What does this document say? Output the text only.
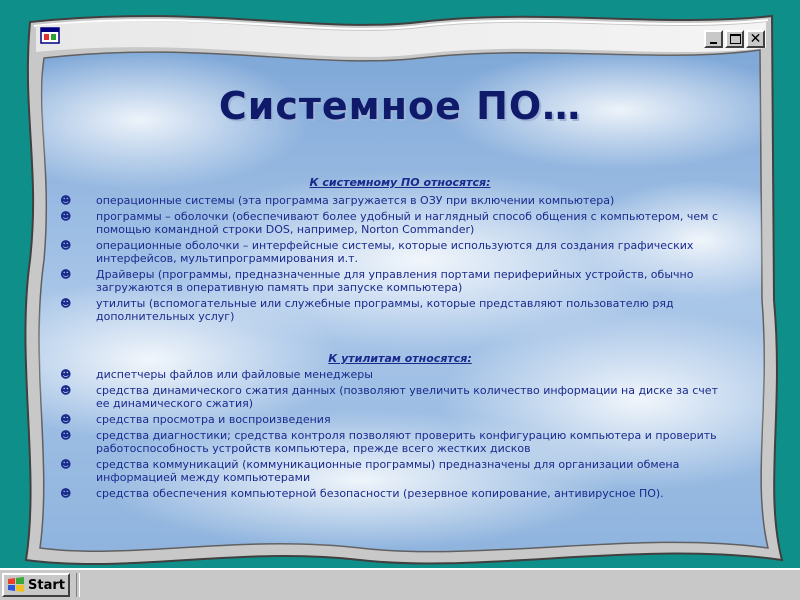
✕
Системное ПО…
К системному ПО относятся:
☻ операционные системы (эта программа загружается в ОЗУ при включении компьютера)
☻ программы – оболочки (обеспечивают более удобный и наглядный способ общения с компьютером, чем с помощью командной строки DOS, например, Norton Commander)
☻ операционные оболочки – интерфейсные системы, которые используются для создания графических интерфейсов, мультипрограммирования и.т.
☻ Драйверы (программы, предназначенные для управления портами периферийных устройств, обычно загружаются в оперативную память при запуске компьютера)
☻ утилиты (вспомогательные или служебные программы, которые представляют пользователю ряд дополнительных услуг)
К утилитам относятся:
☻ диспетчеры файлов или файловые менеджеры
☻ средства динамического сжатия данных (позволяют увеличить количество информации на диске за счет ее динамического сжатия)
☻ средства просмотра и воспроизведения
☻ средства диагностики; средства контроля позволяют проверить конфигурацию компьютера и проверить работоспособность устройств компьютера, прежде всего жестких дисков
☻ средства коммуникаций (коммуникационные программы) предназначены для организации обмена информацией между компьютерами
☻ средства обеспечения компьютерной безопасности (резервное копирование, антивирусное ПО).
Start
